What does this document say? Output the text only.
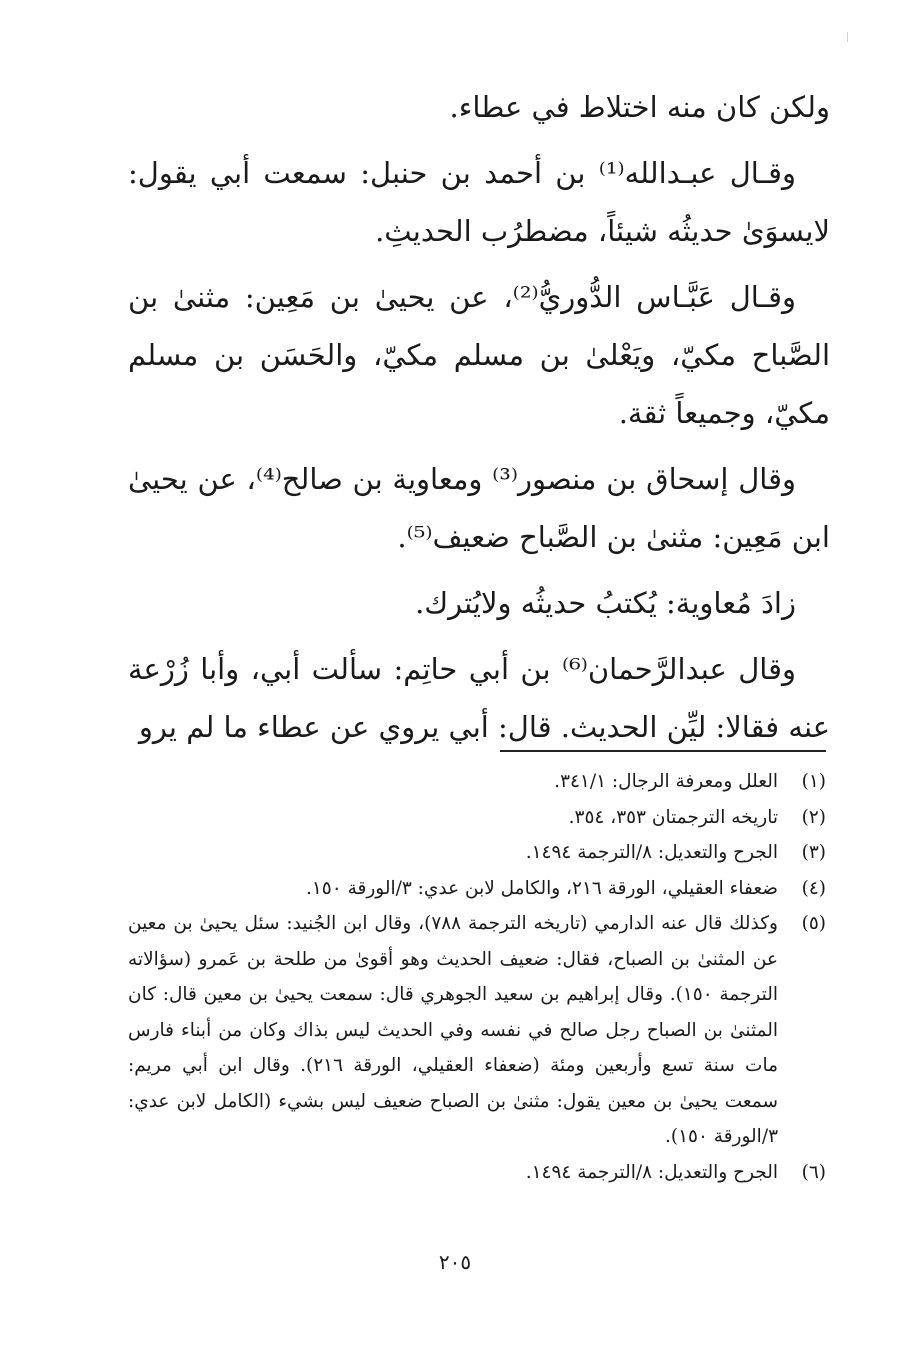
ولكن كان منه اختلاط في عطاء.

وقـال عبـدالله⁽¹⁾ بن أحمد بن حنبل: سمعت أبي يقول: لايسوَىٰ حديثُه شيئاً، مضطرُب الحديثِ.

وقـال عَبَّـاس الدُّوريُّ⁽²⁾، عن يحيىٰ بن مَعِين: مثنىٰ بن الصَّباح مكيّ، ويَعْلىٰ بن مسلم مكيّ، والحَسَن بن مسلم مكيّ، وجميعاً ثقة.

وقال إسحاق بن منصور⁽³⁾ ومعاوية بن صالح⁽⁴⁾، عن يحيىٰ ابن مَعِين: مثنىٰ بن الصَّباح ضعيف⁽⁵⁾.

زادَ مُعاوية: يُكتبُ حديثُه ولايُترك.

وقال عبدالرَّحمان⁽⁶⁾ بن أبي حاتِم: سألت أبي، وأبا زُرْعة عنه فقالا: ليِّن الحديث. قال: أبي يروي عن عطاء ما لم يرو

(١)
العلل ومعرفة الرجال: ٣٤١/١.
(٢)
تاريخه الترجمتان ٣٥٣، ٣٥٤.
(٣)
الجرح والتعديل: ٨/الترجمة ١٤٩٤.
(٤)
ضعفاء العقيلي، الورقة ٢١٦، والكامل لابن عدي: ٣/الورقة ١٥٠.
(٥)
وكذلك قال عنه الدارمي (تاريخه الترجمة ٧٨٨)، وقال ابن الجُنيد: سئل يحيىٰ بن معين عن المثنىٰ بن الصباح، فقال: ضعيف الحديث وهو أقوىٰ من طلحة بن عَمرو (سؤالاته الترجمة ١٥٠). وقال إبراهيم بن سعيد الجوهري قال: سمعت يحيىٰ بن معين قال: كان المثنىٰ بن الصباح رجل صالح في نفسه وفي الحديث ليس بذاك وكان من أبناء فارس مات سنة تسع وأربعين ومئة (ضعفاء العقيلي، الورقة ٢١٦). وقال ابن أبي مريم: سمعت يحيىٰ بن معين يقول: مثنىٰ بن الصباح ضعيف ليس بشيء (الكامل لابن عدي: ٣/الورقة ١٥٠).
(٦)
الجرح والتعديل: ٨/الترجمة ١٤٩٤.
٢٠٥
